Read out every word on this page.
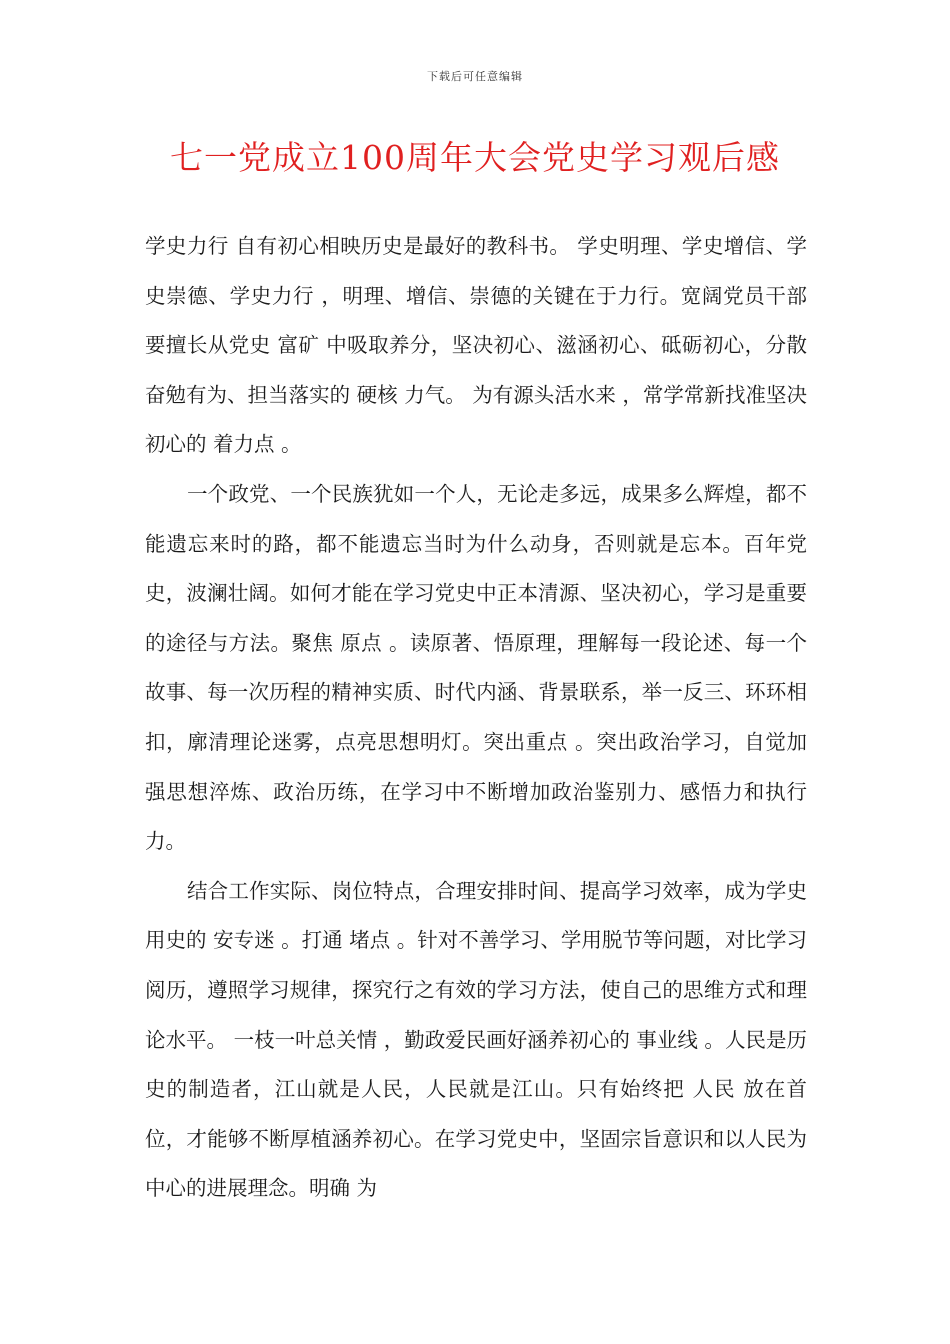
下载后可任意编辑
七一党成立100周年大会党史学习观后感

学史力行 自有初心相映历史是最好的教科书。 学史明理、学史增信、学史崇德、学史力行 ，明理、增信、崇德的关键在于力行。宽阔党员干部要擅长从党史 富矿 中吸取养分，坚决初心、滋涵初心、砥砺初心，分散奋勉有为、担当落实的 硬核 力气。 为有源头活水来 ，常学常新找准坚决初心的 着力点 。

一个政党、一个民族犹如一个人，无论走多远，成果多么辉煌，都不能遗忘来时的路，都不能遗忘当时为什么动身，否则就是忘本。百年党史，波澜壮阔。如何才能在学习党史中正本清源、坚决初心，学习是重要的途径与方法。聚焦 原点 。读原著、悟原理，理解每一段论述、每一个故事、每一次历程的精神实质、时代内涵、背景联系，举一反三、环环相扣，廓清理论迷雾，点亮思想明灯。突出重点 。突出政治学习，自觉加强思想淬炼、政治历练，在学习中不断增加政治鉴别力、感悟力和执行力。

结合工作实际、岗位特点，合理安排时间、提高学习效率，成为学史用史的 安专迷 。打通 堵点 。针对不善学习、学用脱节等问题，对比学习阅历，遵照学习规律，探究行之有效的学习方法，使自己的思维方式和理论水平。 一枝一叶总关情 ，勤政爱民画好涵养初心的 事业线 。人民是历史的制造者，江山就是人民，人民就是江山。只有始终把 人民 放在首位，才能够不断厚植涵养初心。在学习党史中，坚固宗旨意识和以人民为中心的进展理念。明确 为
